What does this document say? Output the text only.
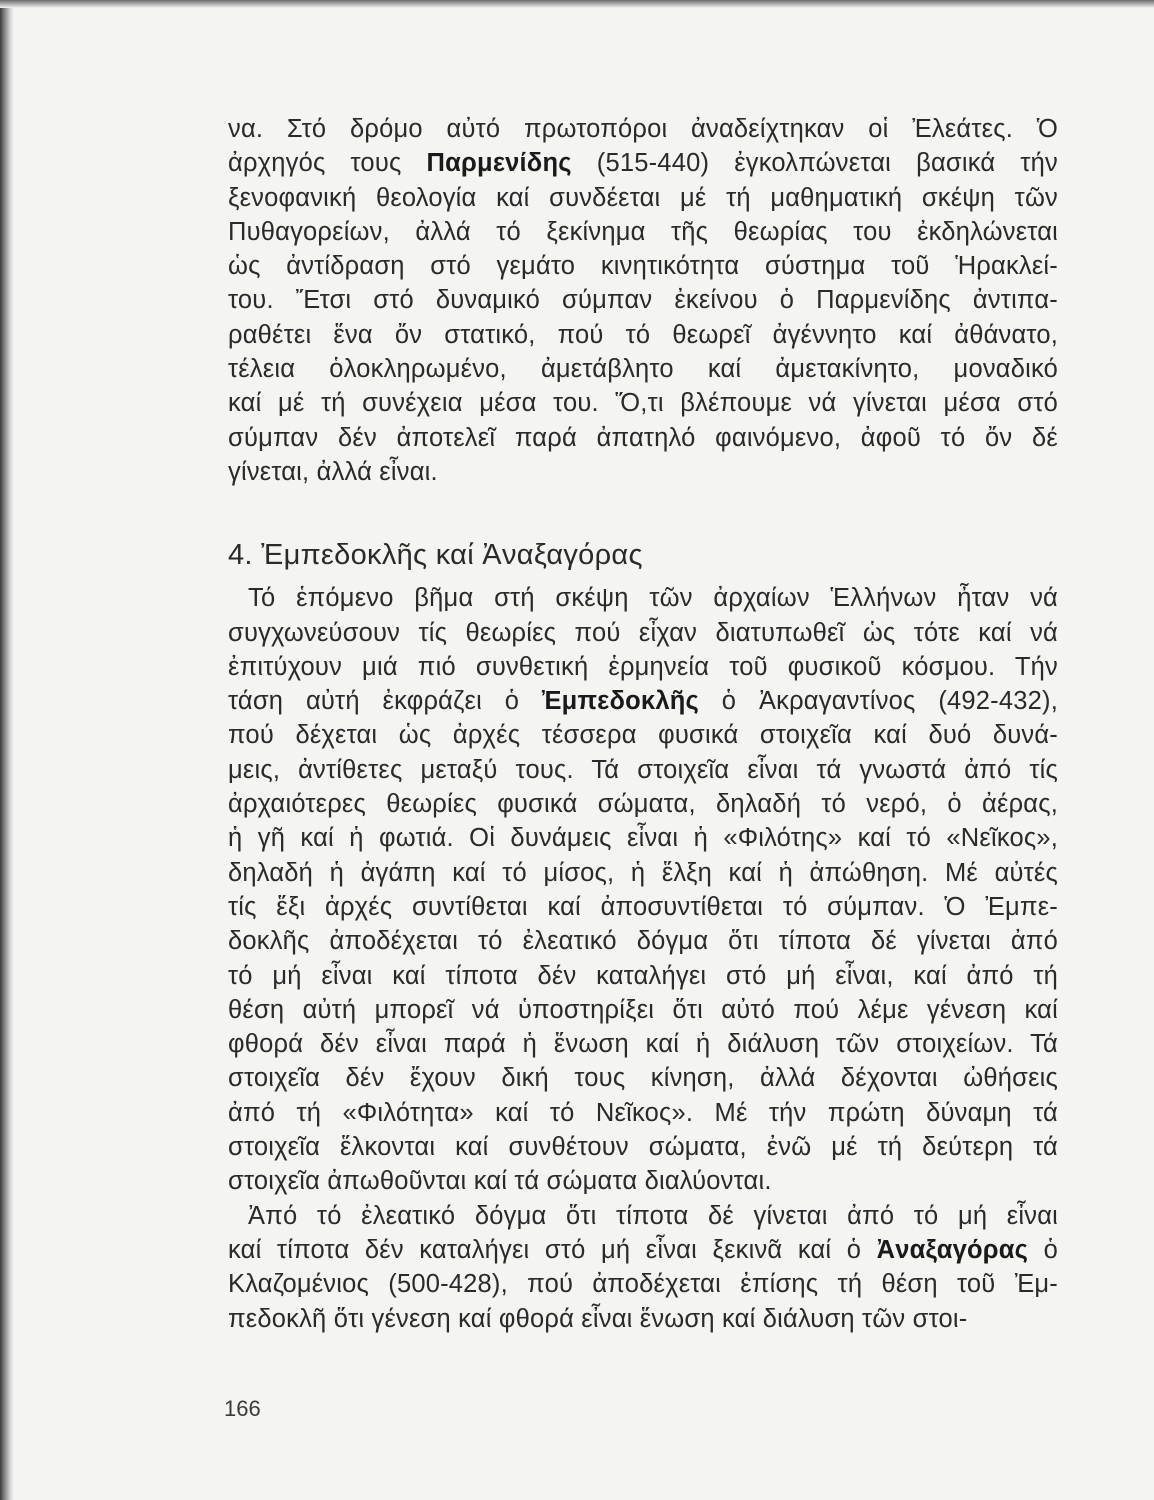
να. Στό δρόμο αὐτό πρωτοπόροι ἀναδείχτηκαν οἱ Ἐλεάτες. Ὁ
ἀρχηγός τους Παρμενίδης (515-440) ἐγκολπώνεται βασικά τήν
ξενοφανική θεολογία καί συνδέεται μέ τή μαθηματική σκέψη τῶν
Πυθαγορείων, ἀλλά τό ξεκίνημα τῆς θεωρίας του ἐκδηλώνεται
ὡς ἀντίδραση στό γεμάτο κινητικότητα σύστημα τοῦ Ἡρακλεί-
του. Ἔτσι στό δυναμικό σύμπαν ἐκείνου ὁ Παρμενίδης ἀντιπα-
ραθέτει ἕνα ὄν στατικό, πού τό θεωρεῖ ἀγέννητο καί ἀθάνατο,
τέλεια ὁλοκληρωμένο, ἀμετάβλητο καί ἀμετακίνητο, μοναδικό
καί μέ τή συνέχεια μέσα του. Ὅ,τι βλέπουμε νά γίνεται μέσα στό
σύμπαν δέν ἀποτελεῖ παρά ἀπατηλό φαινόμενο, ἀφοῦ τό ὄν δέ
γίνεται, ἀλλά εἶναι.
4. Ἐμπεδοκλῆς καί Ἀναξαγόρας
Τό ἑπόμενο βῆμα στή σκέψη τῶν ἀρχαίων Ἑλλήνων ἦταν νά
συγχωνεύσουν τίς θεωρίες πού εἶχαν διατυπωθεῖ ὡς τότε καί νά
ἐπιτύχουν μιά πιό συνθετική ἑρμηνεία τοῦ φυσικοῦ κόσμου. Τήν
τάση αὐτή ἐκφράζει ὁ Ἐμπεδοκλῆς ὁ Ἀκραγαντίνος (492-432),
πού δέχεται ὡς ἀρχές τέσσερα φυσικά στοιχεῖα καί δυό δυνά-
μεις, ἀντίθετες μεταξύ τους. Τά στοιχεῖα εἶναι τά γνωστά ἀπό τίς
ἀρχαιότερες θεωρίες φυσικά σώματα, δηλαδή τό νερό, ὁ ἀέρας,
ἡ γῆ καί ἡ φωτιά. Οἱ δυνάμεις εἶναι ἡ «Φιλότης» καί τό «Νεῖκος»,
δηλαδή ἡ ἀγάπη καί τό μίσος, ἡ ἕλξη καί ἡ ἀπώθηση. Μέ αὐτές
τίς ἕξι ἀρχές συντίθεται καί ἀποσυντίθεται τό σύμπαν. Ὁ Ἐμπε-
δοκλῆς ἀποδέχεται τό ἐλεατικό δόγμα ὅτι τίποτα δέ γίνεται ἀπό
τό μή εἶναι καί τίποτα δέν καταλήγει στό μή εἶναι, καί ἀπό τή
θέση αὐτή μπορεῖ νά ὑποστηρίξει ὅτι αὐτό πού λέμε γένεση καί
φθορά δέν εἶναι παρά ἡ ἕνωση καί ἡ διάλυση τῶν στοιχείων. Τά
στοιχεῖα δέν ἔχουν δική τους κίνηση, ἀλλά δέχονται ὠθήσεις
ἀπό τή «Φιλότητα» καί τό Νεῖκος». Μέ τήν πρώτη δύναμη τά
στοιχεῖα ἕλκονται καί συνθέτουν σώματα, ἐνῶ μέ τή δεύτερη τά
στοιχεῖα ἀπωθοῦνται καί τά σώματα διαλύονται.
Ἀπό τό ἐλεατικό δόγμα ὅτι τίποτα δέ γίνεται ἀπό τό μή εἶναι
καί τίποτα δέν καταλήγει στό μή εἶναι ξεκινᾶ καί ὁ Ἀναξαγόρας ὁ
Κλαζομένιος (500-428), πού ἀποδέχεται ἐπίσης τή θέση τοῦ Ἐμ-
πεδοκλῆ ὅτι γένεση καί φθορά εἶναι ἕνωση καί διάλυση τῶν στοι-
166
